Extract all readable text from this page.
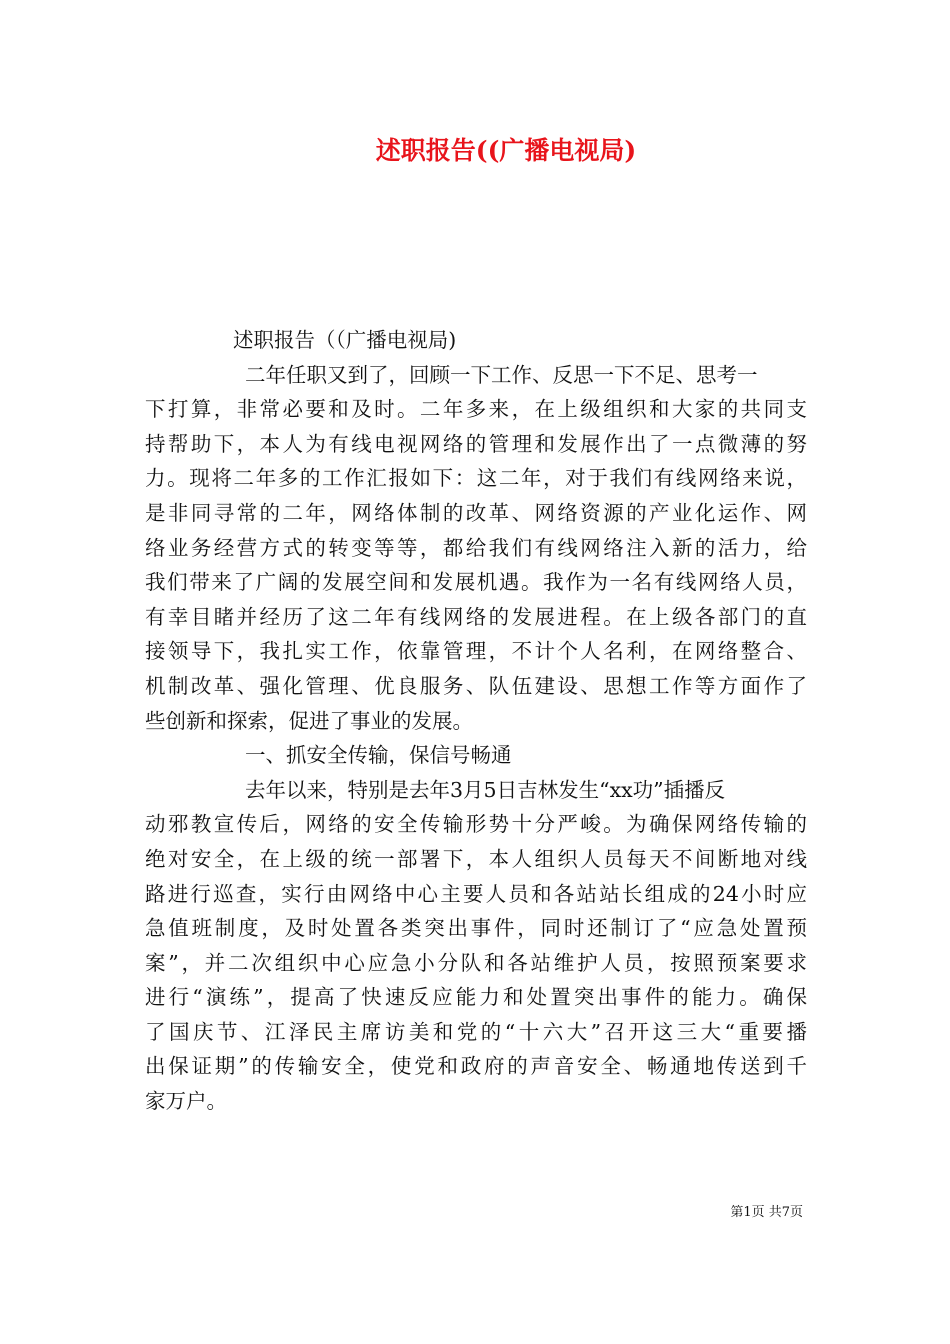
述职报告((广播电视局)
述职报告（（广播电视局)
二年任职又到了，回顾一下工作、反思一下不足、思考一
下打算，非常必要和及时。二年多来，在上级组织和大家的共同支
持帮助下，本人为有线电视网络的管理和发展作出了一点微薄的努
力。现将二年多的工作汇报如下：这二年，对于我们有线网络来说，
是非同寻常的二年，网络体制的改革、网络资源的产业化运作、网
络业务经营方式的转变等等，都给我们有线网络注入新的活力，给
我们带来了广阔的发展空间和发展机遇。我作为一名有线网络人员，
有幸目睹并经历了这二年有线网络的发展进程。在上级各部门的直
接领导下，我扎实工作，依靠管理，不计个人名利，在网络整合、
机制改革、强化管理、优良服务、队伍建设、思想工作等方面作了
些创新和探索，促进了事业的发展。
一、抓安全传输，保信号畅通
去年以来，特别是去年3月5日吉林发生“xx功”插播反
动邪教宣传后，网络的安全传输形势十分严峻。为确保网络传输的
绝对安全，在上级的统一部署下，本人组织人员每天不间断地对线
路进行巡查，实行由网络中心主要人员和各站站长组成的24小时应
急值班制度，及时处置各类突出事件，同时还制订了“应急处置预
案”，并二次组织中心应急小分队和各站维护人员，按照预案要求
进行“演练”，提高了快速反应能力和处置突出事件的能力。确保
了国庆节、江泽民主席访美和党的“十六大”召开这三大“重要播
出保证期”的传输安全，使党和政府的声音安全、畅通地传送到千
家万户。
第1页 共7页
